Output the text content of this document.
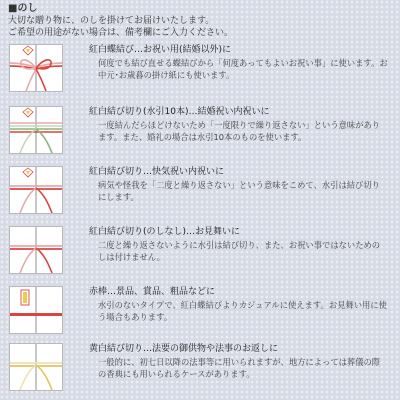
■のし

大切な贈り物に、のしを掛けてお届けいたします。

ご希望の用途がない場合は、備考欄にご入力ください。

紅白蝶結び…お祝い用(結婚以外)に

何度でも結び直せる蝶結びから「何度あってもよいお祝い事」に使います。お中元･お歳暮の掛け紙にも使います。

紅白結び切り(水引10本)…結婚祝い内祝いに

一度結んだらほどけないため「一度限りで繰り返さない」という意味があります。また、婚礼の場合は水引10本のものを使います。

紅白結び切り…快気祝い内祝いに

病気や怪我を「二度と繰り返さない」という意味をこめて、水引は結び切りにします。

紅白結び切り(のしなし)…お見舞いに

二度と繰り返さないように水引は結び切り、また、お祝い事ではないためのしは付けません。

赤棒…景品、賞品、粗品などに

水引のないタイプで、紅白蝶結びよりカジュアルに使えます。お見舞い用に使う場合もあります。

黄白結び切り…法要の御供物や法事のお返しに

一般的に、初七日以降の法事等に用いられますが、地方によっては葬儀の際の香典にも用いられるケースがあります。
